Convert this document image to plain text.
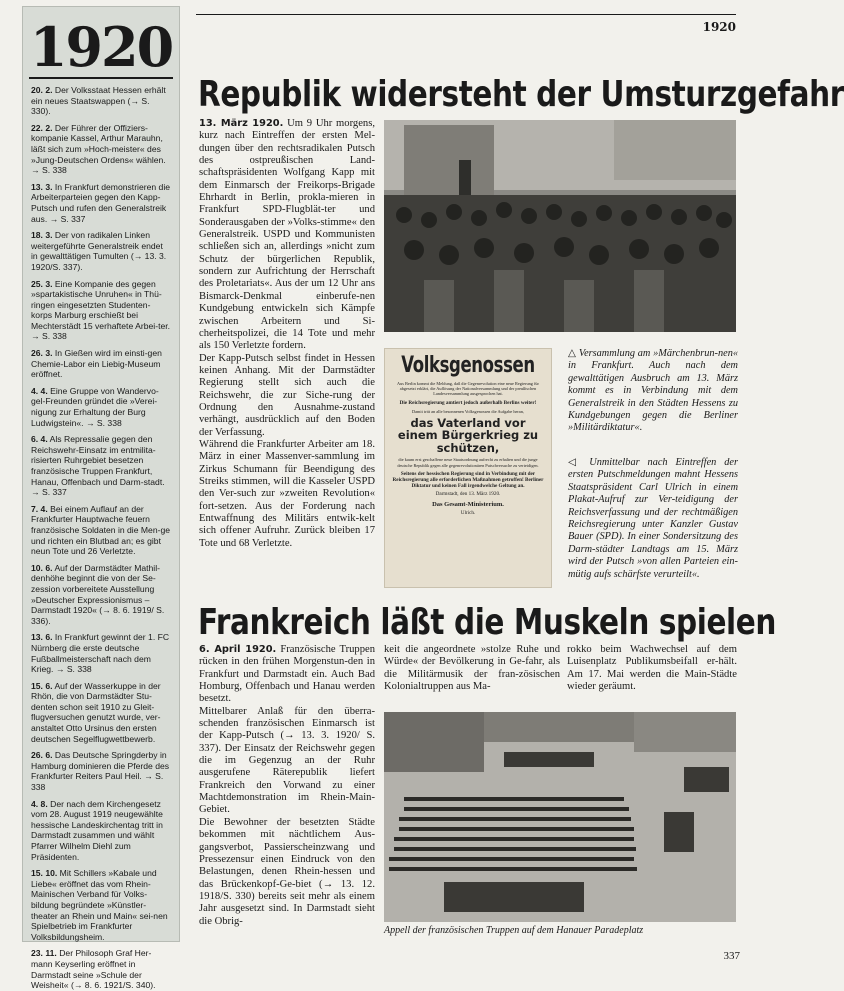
1920

20. 2. Der Volksstaat Hessen erhält ein neues Staatswappen (→ S. 330).

22. 2. Der Führer der Offiziers-kompanie Kassel, Arthur Marauhn, läßt sich zum »Hoch-meister« des »Jung-Deutschen Ordens« wählen. → S. 338

13. 3. In Frankfurt demonstrieren die Arbeiterparteien gegen den Kapp-Putsch und rufen den Generalstreik aus. → S. 337

18. 3. Der von radikalen Linken weitergeführte Generalstreik endet in gewalttätigen Tumulten (→ 13. 3. 1920/S. 337).

25. 3. Eine Kompanie des gegen »spartakistische Unruhen« in Thü-ringen eingesetzten Studenten-korps Marburg erschießt bei Mechterstädt 15 verhaftete Arbei-ter. → S. 338

26. 3. In Gießen wird im einsti-gen Chemie-Labor ein Liebig-Museum eröffnet.

4. 4. Eine Gruppe von Wandervo-gel-Freunden gründet die »Verei-nigung zur Erhaltung der Burg Ludwigstein«. → S. 338

6. 4. Als Repressalie gegen den Reichswehr-Einsatz im entmilita-risierten Ruhrgebiet besetzen französische Truppen Frankfurt, Hanau, Offenbach und Darm-stadt. → S. 337

7. 4. Bei einem Auflauf an der Frankfurter Hauptwache feuern französische Soldaten in die Men-ge und richten ein Blutbad an; es gibt neun Tote und 26 Verletzte.

10. 6. Auf der Darmstädter Mathil-denhöhe beginnt die von der Se-zession vorbereitete Ausstellung »Deutscher Expressionismus – Darmstadt 1920« (→ 8. 6. 1919/ S. 336).

13. 6. In Frankfurt gewinnt der 1. FC Nürnberg die erste deutsche Fußballmeisterschaft nach dem Krieg. → S. 338

15. 6. Auf der Wasserkuppe in der Rhön, die von Darmstädter Stu-denten schon seit 1910 zu Gleit-flugversuchen genutzt wurde, ver-anstaltet Otto Ursinus den ersten deutschen Segelflugwettbewerb.

26. 6. Das Deutsche Springderby in Hamburg dominieren die Pferde des Frankfurter Reiters Paul Heil. → S. 338

4. 8. Der nach dem Kirchengesetz vom 28. August 1919 neugewählte hessische Landeskirchentag tritt in Darmstadt zusammen und wählt Pfarrer Wilhelm Diehl zum Präsidenten.

15. 10. Mit Schillers »Kabale und Liebe« eröffnet das vom Rhein-Mainischen Verband für Volks-bildung begründete »Künstler-theater an Rhein und Main« sei-nen Spielbetrieb im Frankfurter Volksbildungsheim.

23. 11. Der Philosoph Graf Her-mann Keyserling eröffnet in Darmstadt seine »Schule der Weisheit« (→ 8. 6. 1921/S. 340).

1920
Republik widersteht der Umsturzgefahr

13. März 1920. Um 9 Uhr morgens, kurz nach Eintreffen der ersten Mel-dungen über den rechtsradikalen Putsch des ostpreußischen Land-schaftspräsidenten Wolfgang Kapp mit dem Einmarsch der Freikorps-Brigade Ehrhardt in Berlin, prokla-mieren in Frankfurt SPD-Flugblät-ter und Sonderausgaben der »Volks-stimme« den Generalstreik. USPD und Kommunisten schließen sich an, allerdings »nicht zum Schutz der bürgerlichen Republik, sondern zur Aufrichtung der Herrschaft des Proletariats«. Aus der um 12 Uhr ans Bismarck-Denkmal einberufe-nen Kundgebung entwickeln sich Kämpfe zwischen Arbeitern und Si-cherheitspolizei, die 14 Tote und mehr als 150 Verletzte fordern.

Der Kapp-Putsch selbst findet in Hessen keinen Anhang. Mit der Darmstädter Regierung stellt sich auch die Reichswehr, die zur Siche-rung der Ordnung den Ausnahme-zustand verhängt, ausdrücklich auf den Boden der Verfassung.

Während die Frankfurter Arbeiter am 18. März in einer Massenver-sammlung im Zirkus Schumann für Beendigung des Streiks stimmen, will die Kasseler USPD den Ver-such zur »zweiten Revolution« fort-setzen. Aus der Forderung nach Entwaffnung des Militärs entwik-kelt sich offener Aufruhr. Zurück bleiben 17 Tote und 68 Verletzte.

Volksgenossen
Aus Berlin kommt die Meldung, daß die Gegenrevolution eine neue Regierung für abgesetzt erklärt, die Auflösung der Nationalversammlung und der preußischen Landesversammlung ausgesprochen hat.
Die Reichsregierung amtiert jedoch außerhalb Berlins weiter!
Damit tritt an alle besonnenen Volksgenossen die Aufgabe heran,
das Vaterland vor einem Bürgerkrieg zu schützen,
die kaum erst geschaffene neue Staatsordnung aufrecht zu erhalten und die junge deutsche Republik gegen alle gegenrevolutionären Putschversuche zu verteidigen.
Seitens der hessischen Regierung sind in Verbindung mit der Reichsregierung alle erforderlichen Maßnahmen getroffen! Berliner Diktatur und keinen Fall irgendwelche Geltung an.
Darmstadt, den 13. März 1920.
Das Gesamt-Ministerium.
Ulrich.
△ Versammlung am »Märchenbrun-nen« in Frankfurt. Auch nach dem gewalttätigen Ausbruch am 13. März kommt es in Verbindung mit dem Generalstreik in den Städten Hessens zu Kundgebungen gegen die Berliner »Militärdiktatur«.
◁ Unmittelbar nach Eintreffen der ersten Putschmeldungen mahnt Hessens Staatspräsident Carl Ulrich in einem Plakat-Aufruf zur Ver-teidigung der Reichsverfassung und der rechtmäßigen Reichsregierung unter Kanzler Gustav Bauer (SPD). In einer Sondersitzung des Darm-städter Landtags am 15. März wird der Putsch »von allen Parteien ein-mütig aufs schärfste verurteilt«.
Frankreich läßt die Muskeln spielen

6. April 1920. Französische Truppen rücken in den frühen Morgenstun-den in Frankfurt und Darmstadt ein. Auch Bad Homburg, Offenbach und Hanau werden besetzt.

Mittelbarer Anlaß für den überra-schenden französischen Einmarsch ist der Kapp-Putsch (→ 13. 3. 1920/ S. 337). Der Einsatz der Reichswehr gegen die im Gegenzug an der Ruhr ausgerufene Räterepublik liefert Frankreich den Vorwand zu einer Machtdemonstration im Rhein-Main-Gebiet.

Die Bewohner der besetzten Städte bekommen mit nächtlichem Aus-gangsverbot, Passierscheinzwang und Pressezensur einen Eindruck von den Belastungen, denen Rhein-hessen und das Brückenkopf-Ge-biet (→ 13. 12. 1918/S. 330) bereits seit mehr als einem Jahr ausgesetzt sind. In Darmstadt sieht die Obrig-

keit die angeordnete »stolze Ruhe und Würde« der Bevölkerung in Ge-fahr, als die Militärmusik der fran-zösischen Kolonialtruppen aus Ma-
rokko beim Wachwechsel auf dem Luisenplatz Publikumsbeifall er-hält. Am 17. Mai werden die Main-Städte wieder geräumt.
Appell der französischen Truppen auf dem Hanauer Paradeplatz
337
